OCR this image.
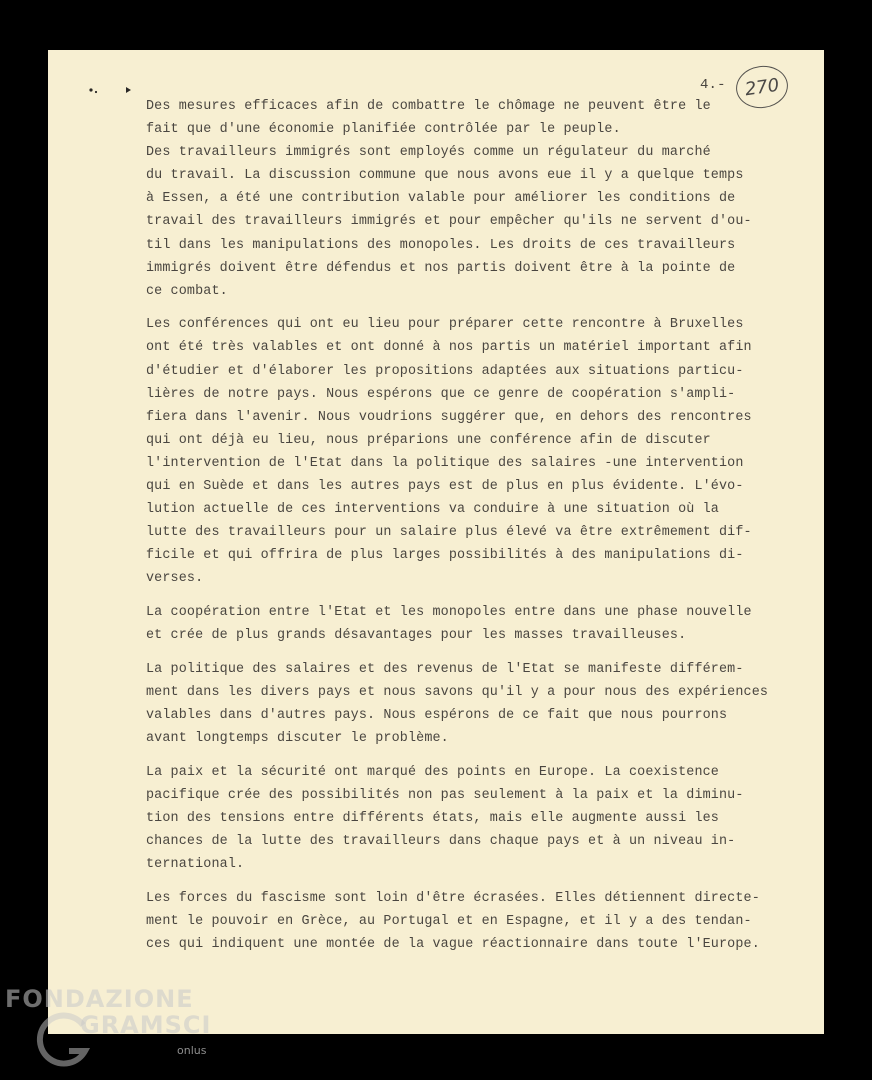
4.- 270
Des mesures efficaces afin de combattre le chômage ne peuvent être le
fait que d'une économie planifiée contrôlée par le peuple.
Des travailleurs immigrés sont employés comme un régulateur du marché
du travail. La discussion commune que nous avons eue il y a quelque temps
à Essen, a été une contribution valable pour améliorer les conditions de
travail des travailleurs immigrés et pour empêcher qu'ils ne servent d'ou-
til dans les manipulations des monopoles. Les droits de ces travailleurs
immigrés doivent être défendus et nos partis doivent être à la pointe de
ce combat.
Les conférences qui ont eu lieu pour préparer cette rencontre à Bruxelles
ont été très valables et ont donné à nos partis un matériel important afin
d'étudier et d'élaborer les propositions adaptées aux situations particu-
lières de notre pays. Nous espérons que ce genre de coopération s'ampli-
fiera dans l'avenir. Nous voudrions suggérer que, en dehors des rencontres
qui ont déjà eu lieu, nous préparions une conférence afin de discuter
l'intervention de l'Etat dans la politique des salaires -une intervention
qui en Suède et dans les autres pays est de plus en plus évidente. L'évo-
lution actuelle de ces interventions va conduire à une situation où la
lutte des travailleurs pour un salaire plus élevé va être extrêmement dif-
ficile et qui offrira de plus larges possibilités à des manipulations di-
verses.
La coopération entre l'Etat et les monopoles entre dans une phase nouvelle
et crée de plus grands désavantages pour les masses travailleuses.
La politique des salaires et des revenus de l'Etat se manifeste différem-
ment dans les divers pays et nous savons qu'il y a pour nous des expériences
valables dans d'autres pays. Nous espérons de ce fait que nous pourrons
avant longtemps discuter le problème.
La paix et la sécurité ont marqué des points en Europe. La coexistence
pacifique crée des possibilités non pas seulement à la paix et la diminu-
tion des tensions entre différents états, mais elle augmente aussi les
chances de la lutte des travailleurs dans chaque pays et à un niveau in-
ternational.
Les forces du fascisme sont loin d'être écrasées. Elles détiennent directe-
ment le pouvoir en Grèce, au Portugal et en Espagne, et il y a des tendan-
ces qui indiquent une montée de la vague réactionnaire dans toute l'Europe.
FONDAZIONE
GRAMSCI
onlus
